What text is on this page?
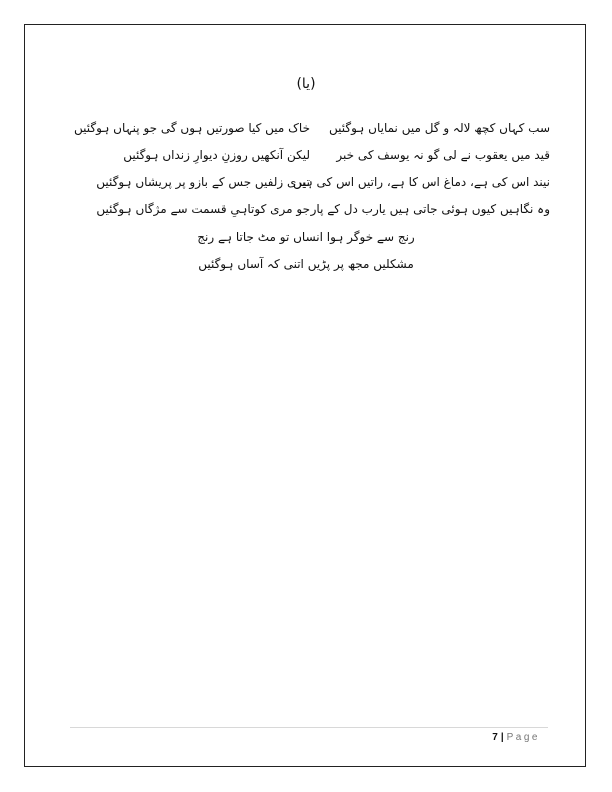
(یا)
سب کہاں کچھ لالہ و گل میں نمایاں ہوگئیں
خاک میں کیا صورتیں ہوں گی جو پنہاں ہوگئیں
قید میں یعقوب نے لی گو نہ یوسف کی خبر
لیکن آنکھیں روزنِ دیوارِ زنداں ہوگئیں
نیند اس کی ہے، دماغ اس کا ہے، راتیں اس کی ہیں
تیری زلفیں جس کے بازو پر پریشاں ہوگئیں
وہ نگاہیں کیوں ہوئی جاتی ہیں یارب دل کے پار
جو مری کوتاہیِ قسمت سے مژگاں ہوگئیں
رنج سے خوگر ہوا انساں تو مٹ جاتا ہے رنج
مشکلیں مجھ پر پڑیں اتنی کہ آساں ہوگئیں
7 | Page
